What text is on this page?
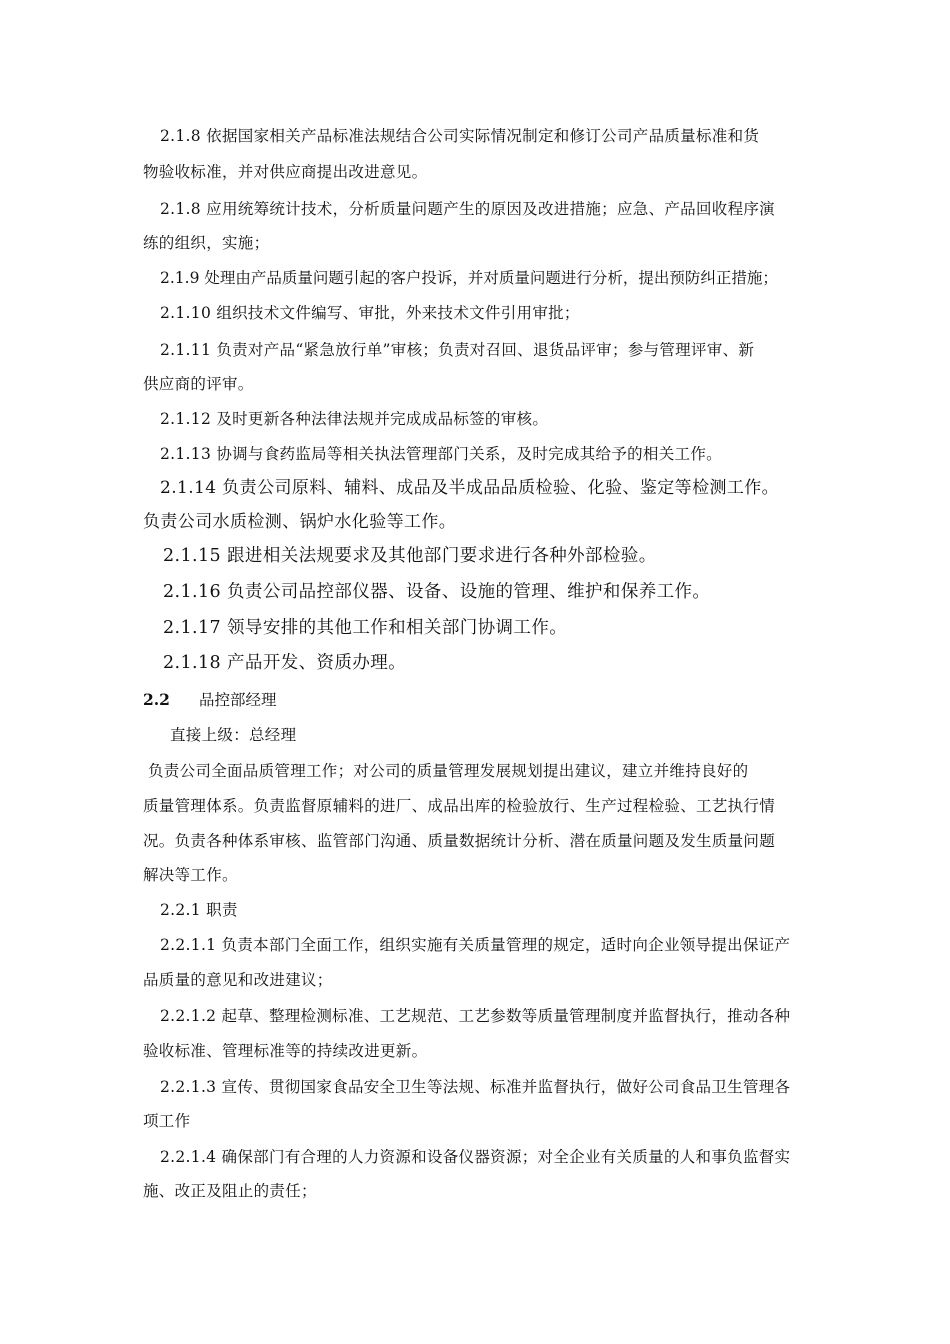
2.1.8 依据国家相关产品标准法规结合公司实际情况制定和修订公司产品质量标准和货
物验收标准，并对供应商提出改进意见。
2.1.8 应用统筹统计技术，分析质量问题产生的原因及改进措施；应急、产品回收程序演
练的组织，实施；
2.1.9 处理由产品质量问题引起的客户投诉，并对质量问题进行分析，提出预防纠正措施；
2.1.10 组织技术文件编写、审批，外来技术文件引用审批；
2.1.11 负责对产品“紧急放行单”审核；负责对召回、退货品评审；参与管理评审、新
供应商的评审。
2.1.12 及时更新各种法律法规并完成成品标签的审核。
2.1.13 协调与食药监局等相关执法管理部门关系，及时完成其给予的相关工作。
2.1.14 负责公司原料、辅料、成品及半成品品质检验、化验、鉴定等检测工作。
负责公司水质检测、锅炉水化验等工作。
2.1.15 跟进相关法规要求及其他部门要求进行各种外部检验。
2.1.16 负责公司品控部仪器、设备、设施的管理、维护和保养工作。
2.1.17 领导安排的其他工作和相关部门协调工作。
2.1.18 产品开发、资质办理。
2.2 品控部经理
直接上级：总经理
负责公司全面品质管理工作；对公司的质量管理发展规划提出建议，建立并维持良好的
质量管理体系。负责监督原辅料的进厂、成品出库的检验放行、生产过程检验、工艺执行情
况。负责各种体系审核、监管部门沟通、质量数据统计分析、潜在质量问题及发生质量问题
解决等工作。
2.2.1 职责
2.2.1.1 负责本部门全面工作，组织实施有关质量管理的规定，适时向企业领导提出保证产
品质量的意见和改进建议；
2.2.1.2 起草、整理检测标准、工艺规范、工艺参数等质量管理制度并监督执行，推动各种
验收标准、管理标准等的持续改进更新。
2.2.1.3 宣传、贯彻国家食品安全卫生等法规、标准并监督执行，做好公司食品卫生管理各
项工作
2.2.1.4 确保部门有合理的人力资源和设备仪器资源；对全企业有关质量的人和事负监督实
施、改正及阻止的责任；
